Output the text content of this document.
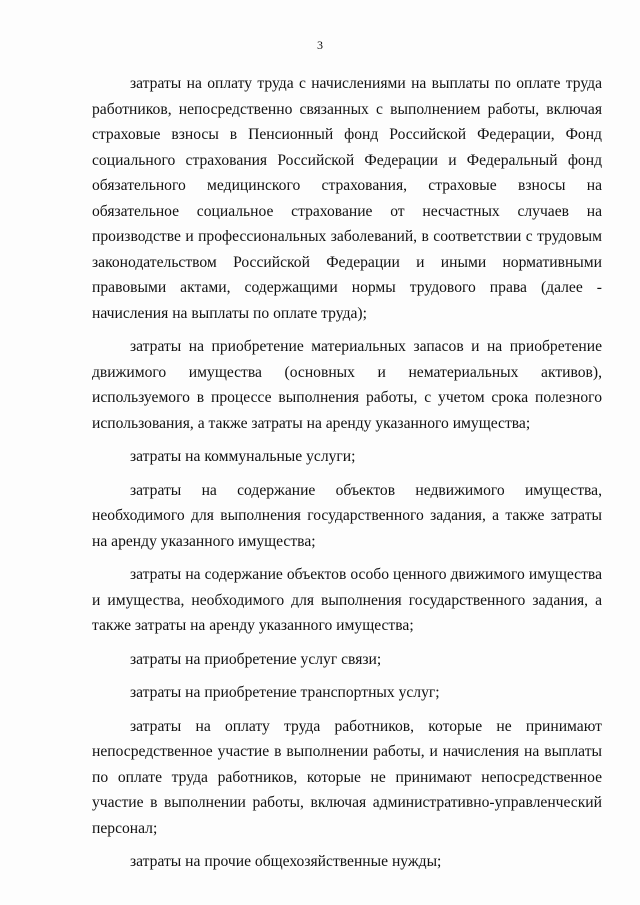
3

затраты на оплату труда с начислениями на выплаты по оплате труда работников, непосредственно связанных с выполнением работы, включая страховые взносы в Пенсионный фонд Российской Федерации, Фонд социального страхования Российской Федерации и Федеральный фонд обязательного медицинского страхования, страховые взносы на обязательное социальное страхование от несчастных случаев на производстве и профессиональных заболеваний, в соответствии с трудовым законодательством Российской Федерации и иными нормативными правовыми актами, содержащими нормы трудового права (далее - начисления на выплаты по оплате труда);

затраты на приобретение материальных запасов и на приобретение движимого имущества (основных и нематериальных активов), используемого в процессе выполнения работы, с учетом срока полезного использования, а также затраты на аренду указанного имущества;

затраты на коммунальные услуги;

затраты на содержание объектов недвижимого имущества, необходимого для выполнения государственного задания, а также затраты на аренду указанного имущества;

затраты на содержание объектов особо ценного движимого имущества и имущества, необходимого для выполнения государственного задания, а также затраты на аренду указанного имущества;

затраты на приобретение услуг связи;

затраты на приобретение транспортных услуг;

затраты на оплату труда работников, которые не принимают непосредственное участие в выполнении работы, и начисления на выплаты по оплате труда работников, которые не принимают непосредственное участие в выполнении работы, включая административно-управленческий персонал;

затраты на прочие общехозяйственные нужды;
